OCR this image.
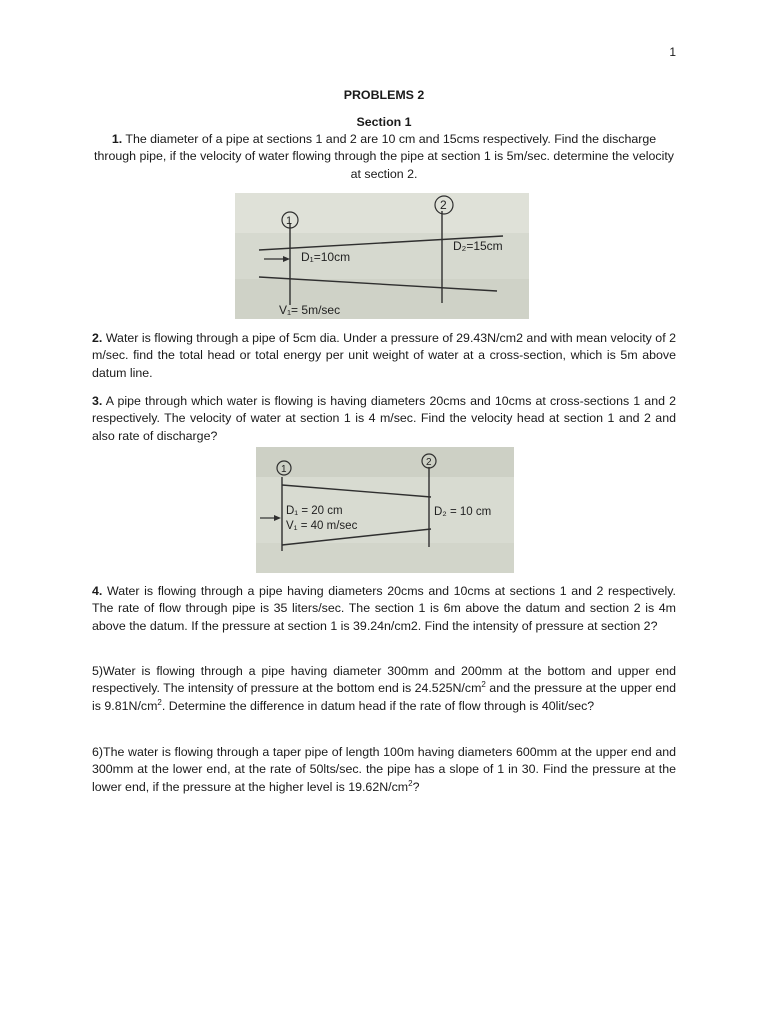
1
PROBLEMS 2
Section 1
1. The diameter of a pipe at sections 1 and 2 are 10 cm and 15cms respectively. Find the discharge through pipe, if the velocity of water flowing through the pipe at section 1 is 5m/sec. determine the velocity at section 2.
1
2
D₁=10cm
D₂=15cm
V₁= 5m/sec
2. Water is flowing through a pipe of 5cm dia. Under a pressure of 29.43N/cm2 and with mean velocity of 2 m/sec. find the total head or total energy per unit weight of water at a cross-section, which is 5m above datum line.
3. A pipe through which water is flowing is having diameters 20cms and 10cms at cross-sections 1 and 2 respectively. The velocity of water at section 1 is 4 m/sec. Find the velocity head at section 1 and 2 and also rate of discharge?
1
2
D₁ = 20 cm
V₁ = 40 m/sec
D₂ = 10 cm
4. Water is flowing through a pipe having diameters 20cms and 10cms at sections 1 and 2 respectively. The rate of flow through pipe is 35 liters/sec. The section 1 is 6m above the datum and section 2 is 4m above the datum. If the pressure at section 1 is 39.24n/cm2. Find the intensity of pressure at section 2?
5)Water is flowing through a pipe having diameter 300mm and 200mm at the bottom and upper end respectively. The intensity of pressure at the bottom end is $24.525N/cm^2$ and the pressure at the upper end is $9.81N/cm^2$. Determine the difference in datum head if the rate of flow through is 40lit/sec?
6)The water is flowing through a taper pipe of length 100m having diameters 600mm at the upper end and 300mm at the lower end, at the rate of 50lts/sec. the pipe has a slope of 1 in 30. Find the pressure at the lower end, if the pressure at the higher level is $19.62N/cm^2$?
